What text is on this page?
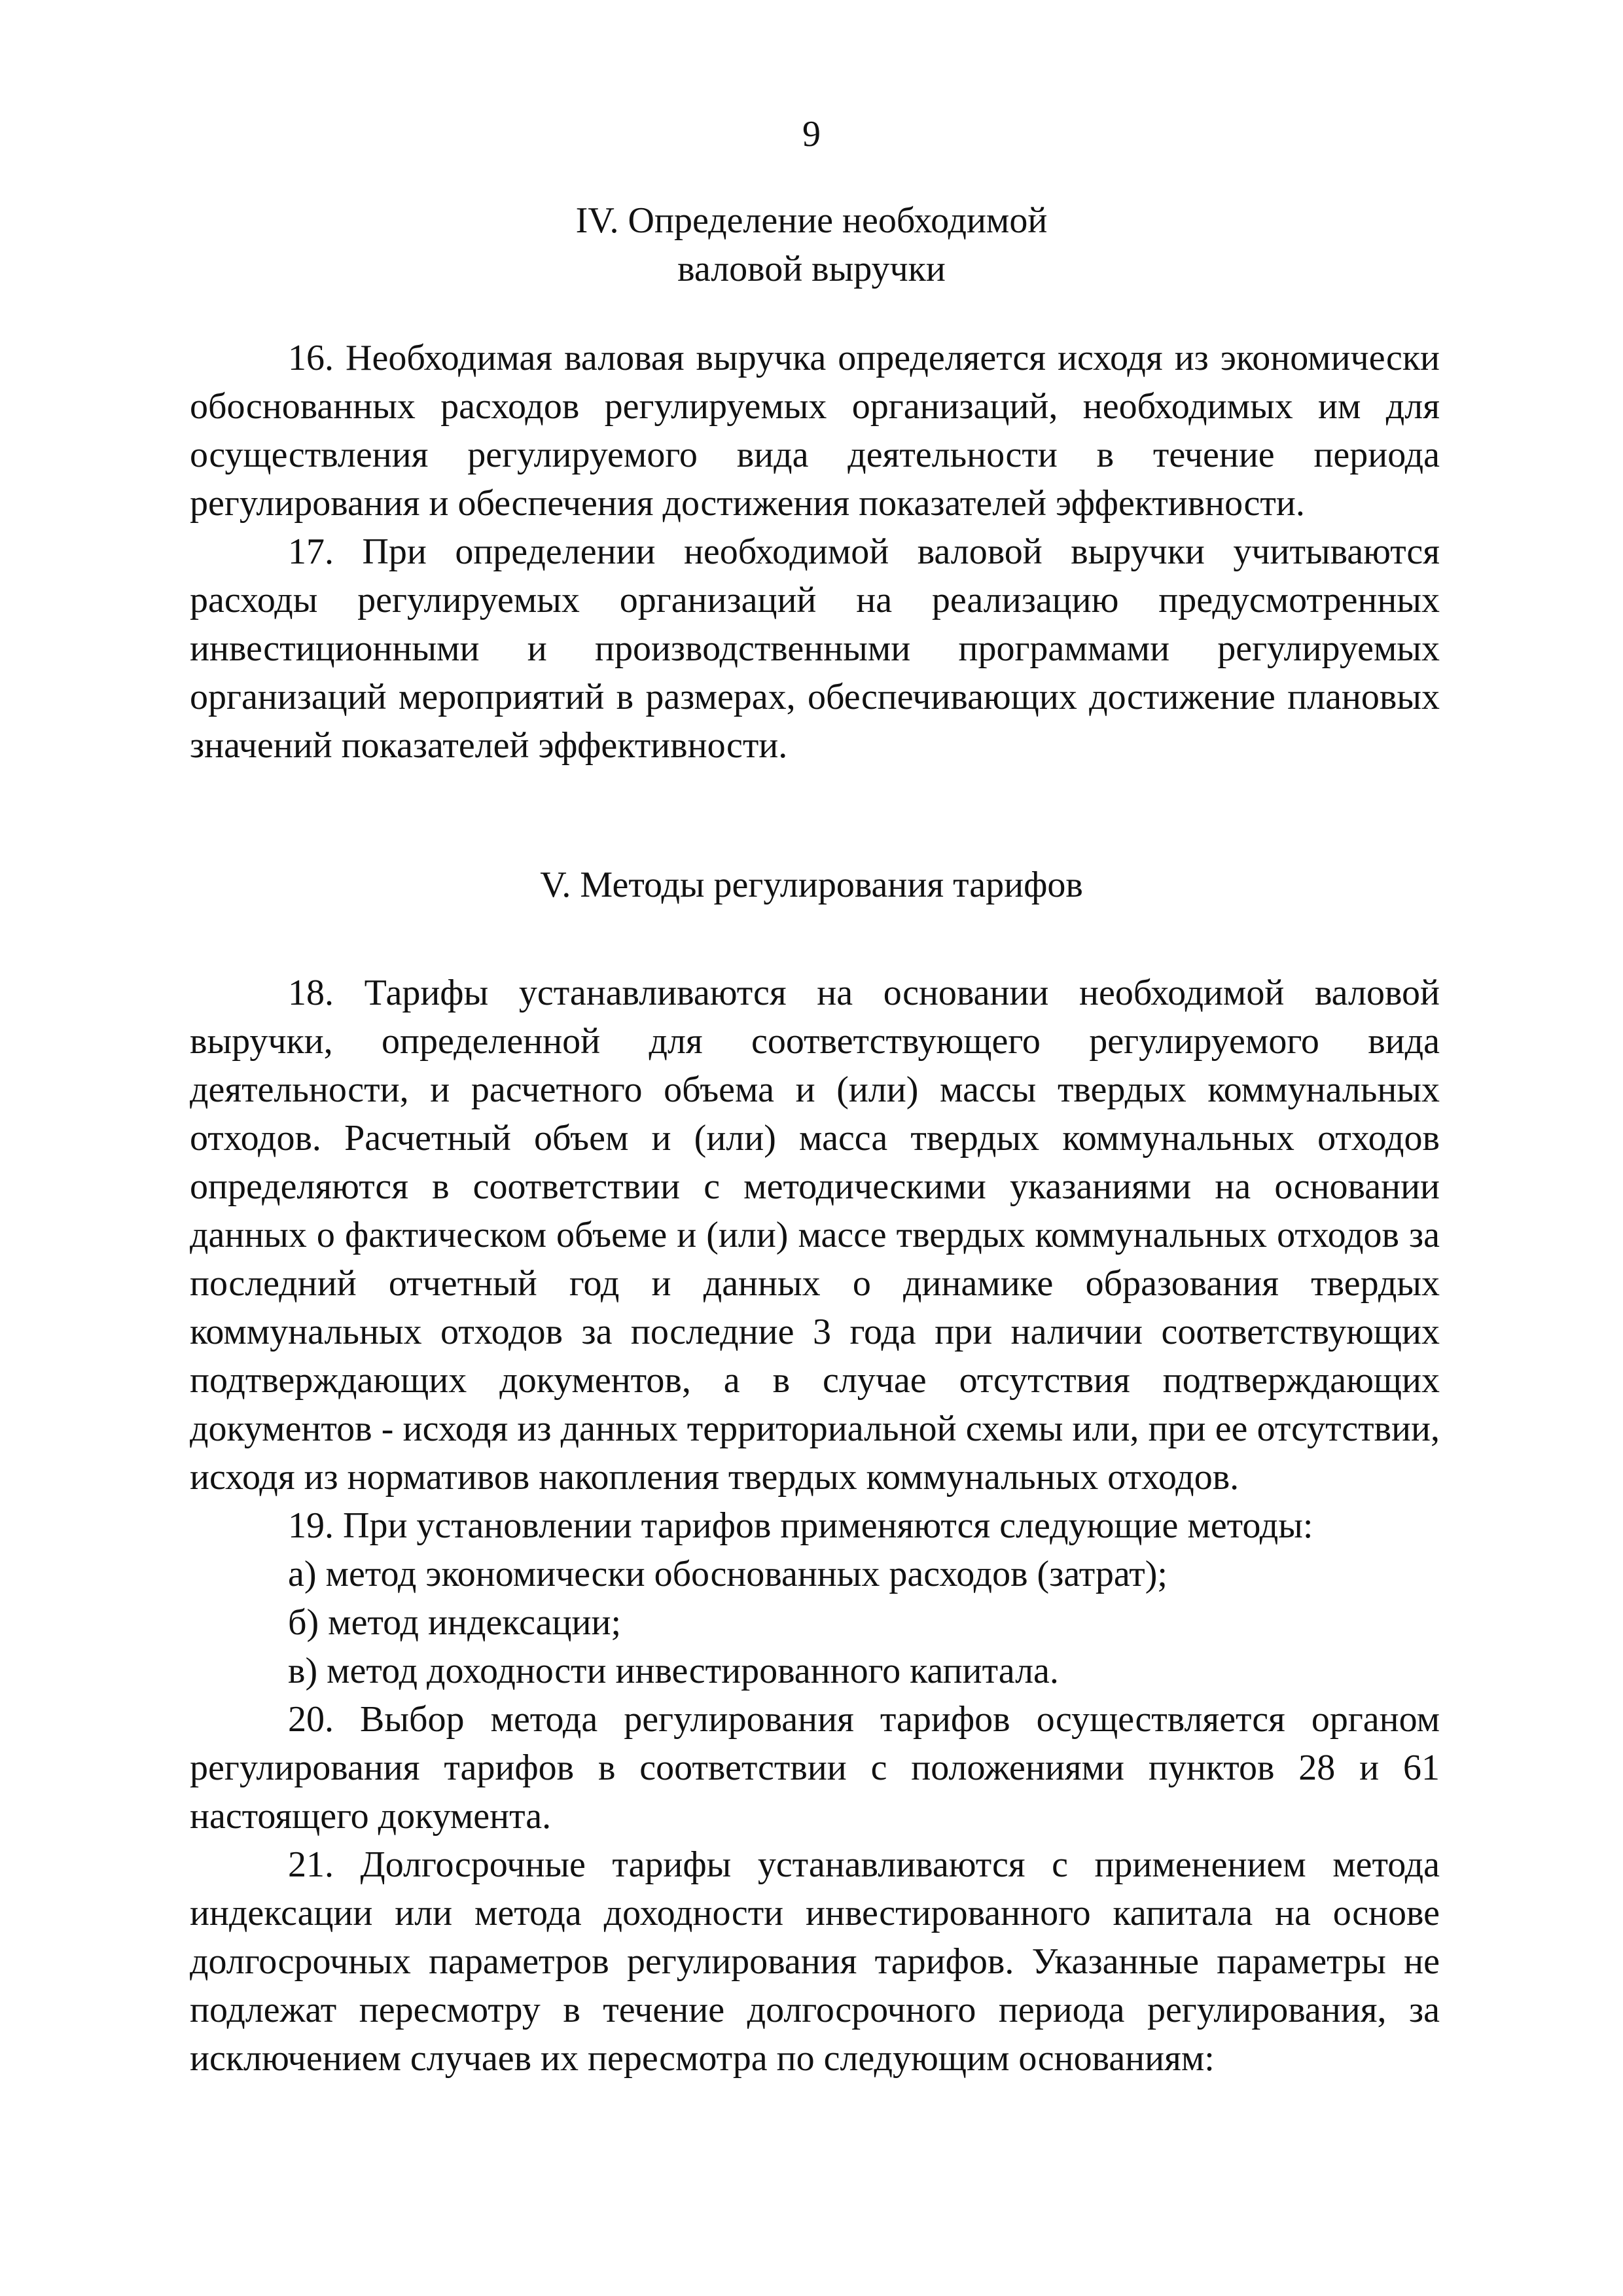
9
IV. Определение необходимой
валовой выручки

16. Необходимая валовая выручка определяется исходя из экономически обоснованных расходов регулируемых организаций, необходимых им для осуществления регулируемого вида деятельности в течение периода регулирования и обеспечения достижения показателей эффективности.

17. При определении необходимой валовой выручки учитываются расходы регулируемых организаций на реализацию предусмотренных инвестиционными и производственными программами регулируемых организаций мероприятий в размерах, обеспечивающих достижение плановых значений показателей эффективности.

V. Методы регулирования тарифов

18. Тарифы устанавливаются на основании необходимой валовой выручки, определенной для соответствующего регулируемого вида деятельности, и расчетного объема и (или) массы твердых коммунальных отходов. Расчетный объем и (или) масса твердых коммунальных отходов определяются в соответствии с методическими указаниями на основании данных о фактическом объеме и (или) массе твердых коммунальных отходов за последний отчетный год и данных о динамике образования твердых коммунальных отходов за последние 3 года при наличии соответствующих подтверждающих документов, а в случае отсутствия подтверждающих документов - исходя из данных территориальной схемы или, при ее отсутствии, исходя из нормативов накопления твердых коммунальных отходов.

19. При установлении тарифов применяются следующие методы:

а) метод экономически обоснованных расходов (затрат);

б) метод индексации;

в) метод доходности инвестированного капитала.

20. Выбор метода регулирования тарифов осуществляется органом регулирования тарифов в соответствии с положениями пунктов 28 и 61 настоящего документа.

21. Долгосрочные тарифы устанавливаются с применением метода индексации или метода доходности инвестированного капитала на основе долгосрочных параметров регулирования тарифов. Указанные параметры не подлежат пересмотру в течение долгосрочного периода регулирования, за исключением случаев их пересмотра по следующим основаниям:
